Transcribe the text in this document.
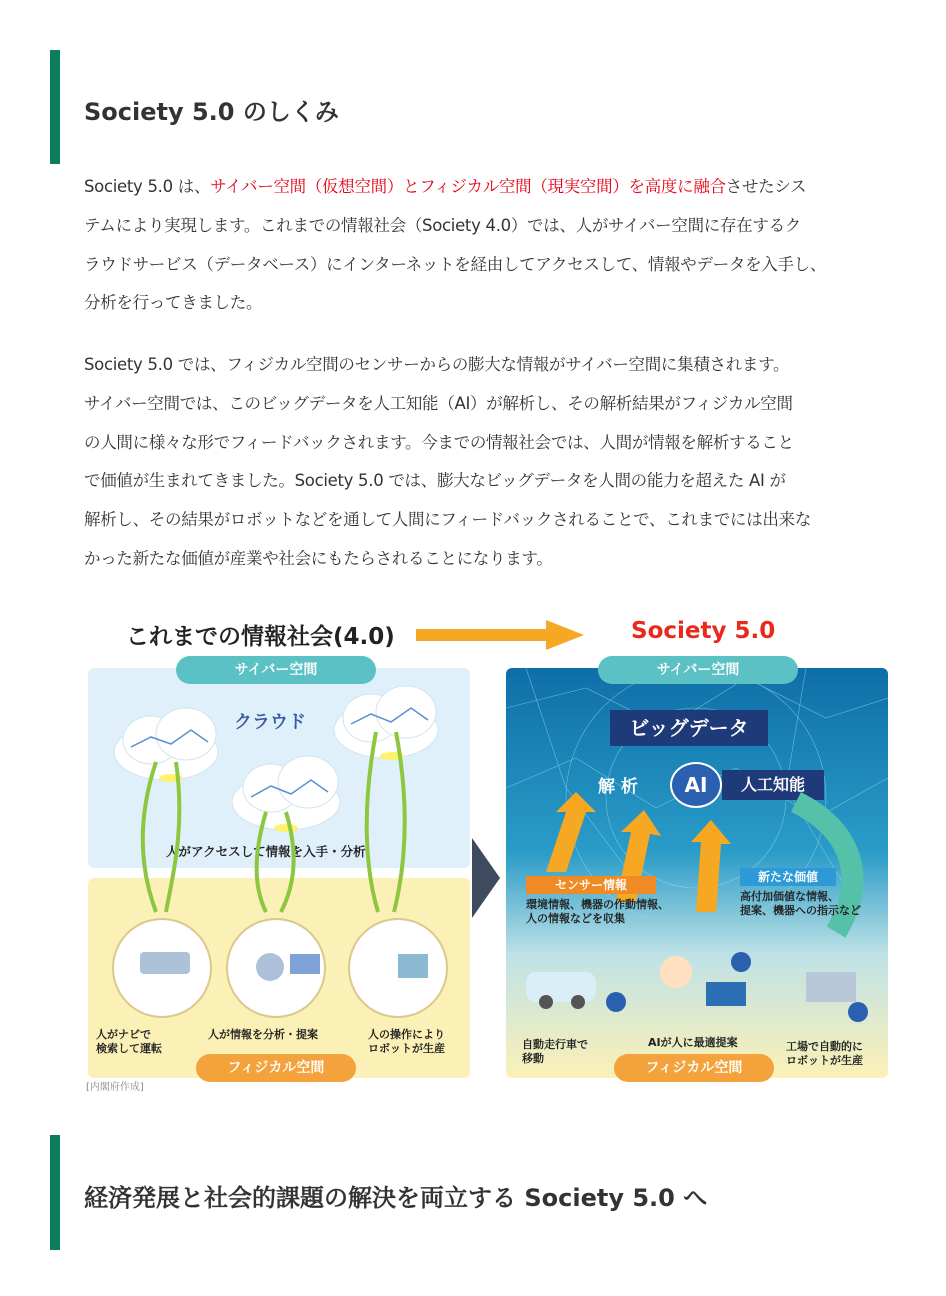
Society 5.0 のしくみ

Society 5.0 は、サイバー空間（仮想空間）とフィジカル空間（現実空間）を高度に融合させたシス
テムにより実現します。これまでの情報社会（Society 4.0）では、人がサイバー空間に存在するク
ラウドサービス（データベース）にインターネットを経由してアクセスして、情報やデータを入手し、
分析を行ってきました。

Society 5.0 では、フィジカル空間のセンサーからの膨大な情報がサイバー空間に集積されます。
サイバー空間では、このビッグデータを人工知能（AI）が解析し、その解析結果がフィジカル空間
の人間に様々な形でフィードバックされます。今までの情報社会では、人間が情報を解析すること
で価値が生まれてきました。Society 5.0 では、膨大なビッグデータを人間の能力を超えた AI が
解析し、その結果がロボットなどを通して人間にフィードバックされることで、これまでには出来な
かった新たな価値が産業や社会にもたらされることになります。

これまでの情報社会(4.0)	Society 5.0
サイバー空間
クラウド
人がアクセスして情報を入手・分析
人がナビで
検索して運転
人が情報を分析・提案	人の操作により
ロボットが生産
フィジカル空間
サイバー空間
ビッグデータ
解 析	AI	人工知能
センサー情報
環境情報、機器の作動情報、
人の情報などを収集
新たな価値
高付加価値な情報、
提案、機器への指示など
自動走行車で
移動
AIが人に最適提案	工場で自動的に
ロボットが生産
フィジカル空間
[内閣府作成]
経済発展と社会的課題の解決を両立する Society 5.0 へ
